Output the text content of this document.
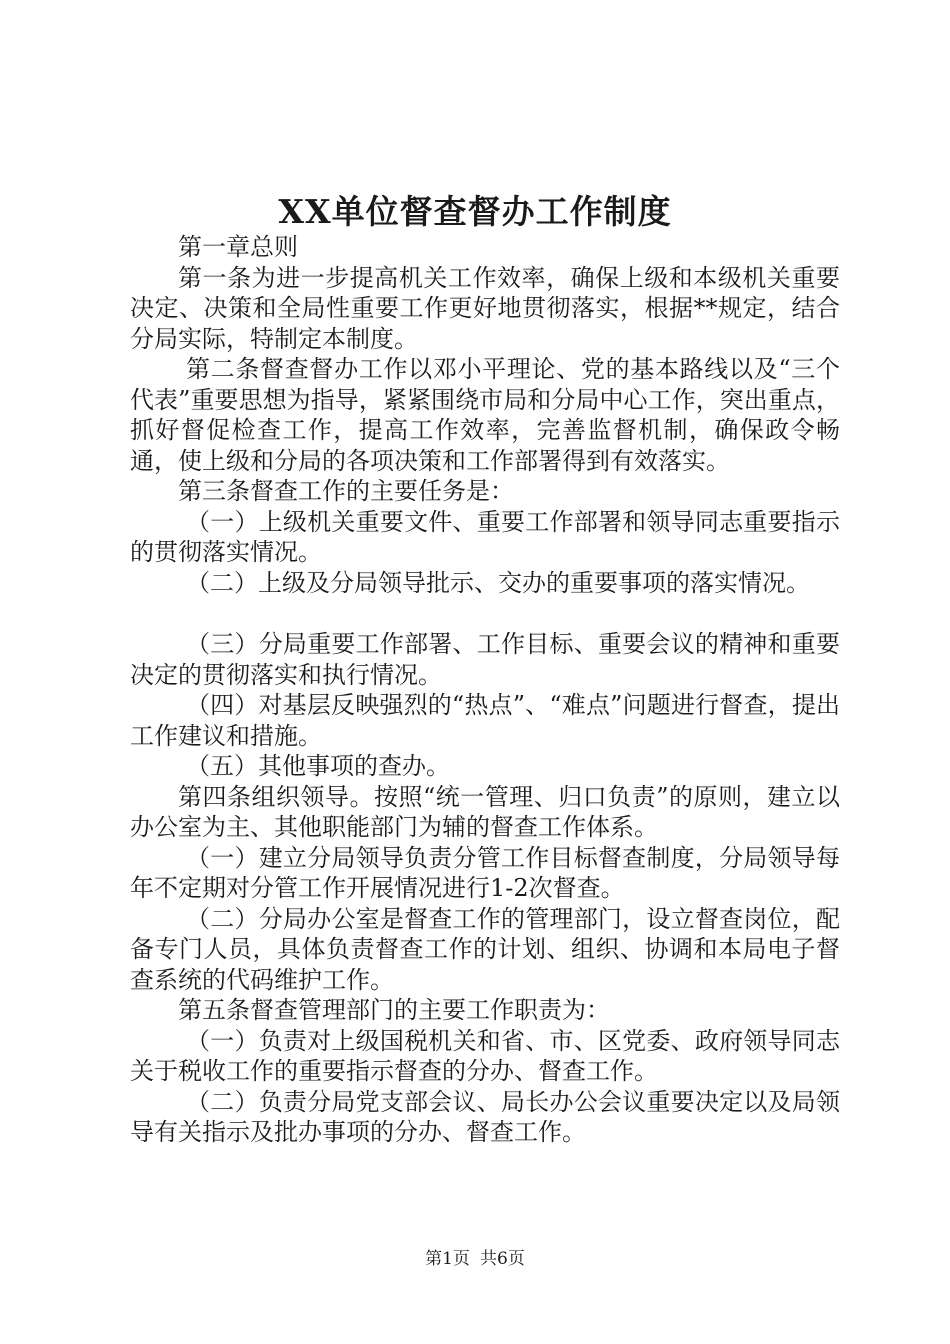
XX单位督查督办工作制度

第一章总则

第一条为进一步提高机关工作效率，确保上级和本级机关重要决定、决策和全局性重要工作更好地贯彻落实，根据**规定，结合分局实际，特制定本制度。

第二条督查督办工作以邓小平理论、党的基本路线以及“三个代表”重要思想为指导，紧紧围绕市局和分局中心工作，突出重点，抓好督促检查工作，提高工作效率，完善监督机制，确保政令畅通，使上级和分局的各项决策和工作部署得到有效落实。

第三条督查工作的主要任务是：

（一）上级机关重要文件、重要工作部署和领导同志重要指示的贯彻落实情况。

（二）上级及分局领导批示、交办的重要事项的落实情况。

（三）分局重要工作部署、工作目标、重要会议的精神和重要决定的贯彻落实和执行情况。

（四）对基层反映强烈的“热点”、“难点”问题进行督查，提出工作建议和措施。

（五）其他事项的查办。

第四条组织领导。按照“统一管理、归口负责”的原则，建立以办公室为主、其他职能部门为辅的督查工作体系。

（一）建立分局领导负责分管工作目标督查制度，分局领导每年不定期对分管工作开展情况进行1-2次督查。

（二）分局办公室是督查工作的管理部门，设立督查岗位，配备专门人员，具体负责督查工作的计划、组织、协调和本局电子督查系统的代码维护工作。

第五条督查管理部门的主要工作职责为：

（一）负责对上级国税机关和省、市、区党委、政府领导同志关于税收工作的重要指示督查的分办、督查工作。

（二）负责分局党支部会议、局长办公会议重要决定以及局领导有关指示及批办事项的分办、督查工作。

第1页 共6页
